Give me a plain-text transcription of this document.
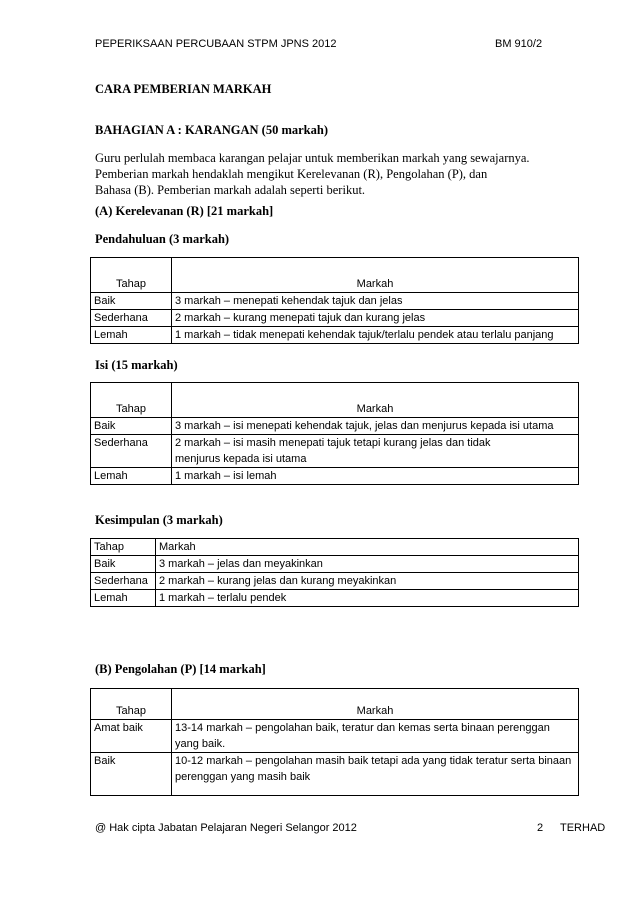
PEPERIKSAAN PERCUBAAN STPM JPNS 2012	BM 910/2
CARA PEMBERIAN MARKAH
BAHAGIAN A : KARANGAN (50 markah)
Guru perlulah membaca karangan pelajar untuk memberikan markah yang sewajarnya.
Pemberian markah hendaklah mengikut Kerelevanan (R), Pengolahan (P), dan
Bahasa (B). Pemberian markah adalah seperti berikut.
(A) Kerelevanan (R) [21 markah]
Pendahuluan (3 markah)
Tahap	Markah
Baik	3 markah – menepati kehendak tajuk dan jelas
Sederhana	2 markah – kurang menepati tajuk dan kurang jelas
Lemah	1 markah – tidak menepati kehendak tajuk/terlalu pendek atau terlalu panjang
Isi (15 markah)
Tahap	Markah
Baik	3 markah – isi menepati kehendak tajuk, jelas dan menjurus kepada isi utama
Sederhana	2 markah – isi masih menepati tajuk tetapi kurang jelas dan tidak menjurus kepada isi utama
Lemah	1 markah – isi lemah
Kesimpulan (3 markah)
Tahap	Markah
Baik	3 markah – jelas dan meyakinkan
Sederhana	2 markah – kurang jelas dan kurang meyakinkan
Lemah	1 markah – terlalu pendek
(B) Pengolahan (P) [14 markah]
Tahap	Markah
Amat baik	13-14 markah – pengolahan baik, teratur dan kemas serta binaan perenggan yang baik.
Baik	10-12 markah – pengolahan masih baik tetapi ada yang tidak teratur serta binaan perenggan yang masih baik
@ Hak cipta Jabatan Pelajaran Negeri Selangor 2012	2 TERHAD
